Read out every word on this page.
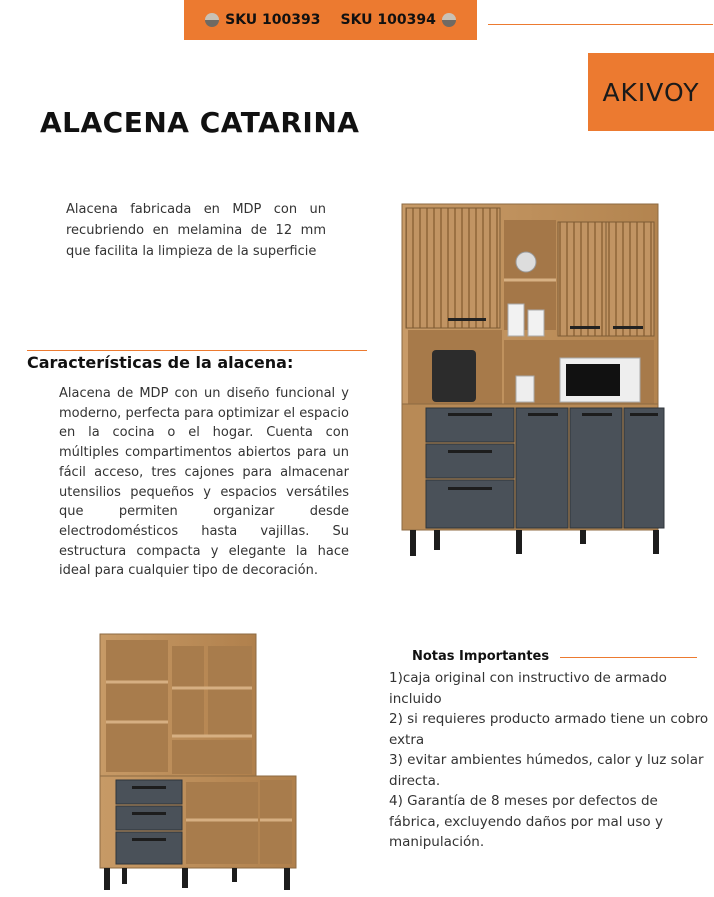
SKU 100393 SKU 100394
AKIVOY
ALACENA CATARINA
Alacena fabricada en MDP con un recubriendo en melamina de 12 mm que facilita la limpieza de la superficie
Características de la alacena:
Alacena de MDP con un diseño funcional y moderno, perfecta para optimizar el espacio en la cocina o el hogar. Cuenta con múltiples compartimentos abiertos para un fácil acceso, tres cajones para almacenar utensilios pequeños y espacios versátiles que permiten organizar desde electrodomésticos hasta vajillas. Su estructura compacta y elegante la hace ideal para cualquier tipo de decoración.
Notas Importantes
1)caja original con instructivo de armado incluido
2) si requieres producto armado tiene un cobro extra
3) evitar ambientes húmedos, calor y luz solar directa.
4) Garantía de 8 meses por defectos de fábrica, excluyendo daños por mal uso y manipulación.
